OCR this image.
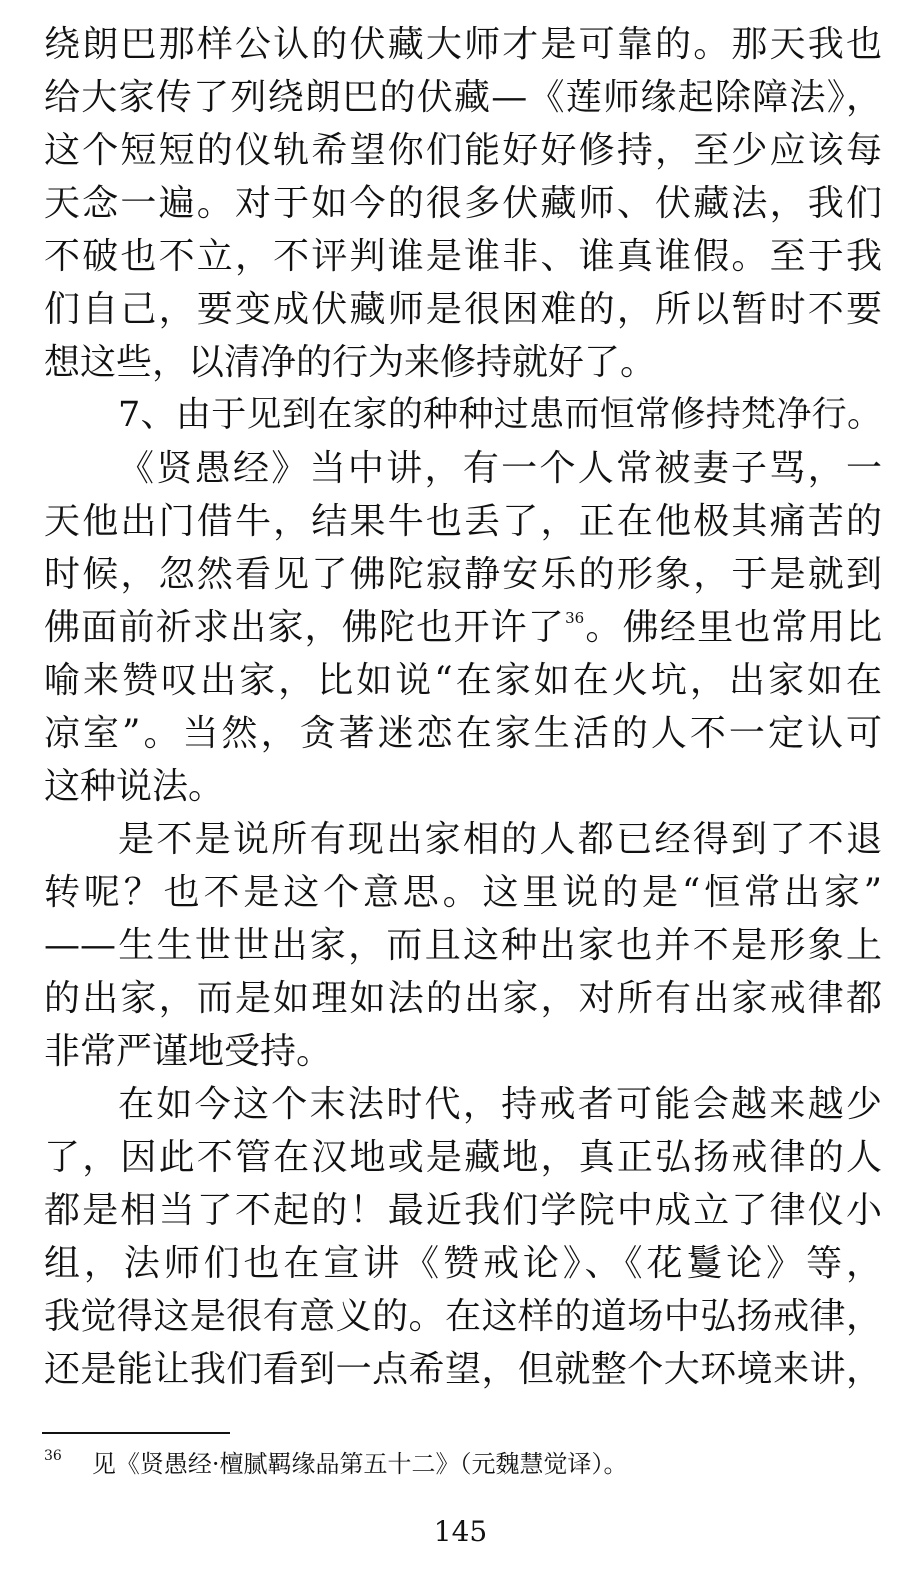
绕朗巴那样公认的伏藏大师才是可靠的。那天我也
给大家传了列绕朗巴的伏藏—《莲师缘起除障法》，
这个短短的仪轨希望你们能好好修持，至少应该每
天念一遍。对于如今的很多伏藏师、伏藏法，我们
不破也不立，不评判谁是谁非、谁真谁假。至于我
们自己，要变成伏藏师是很困难的，所以暂时不要
想这些，以清净的行为来修持就好了。
7、由于见到在家的种种过患而恒常修持梵净行。
《贤愚经》当中讲，有一个人常被妻子骂，一
天他出门借牛，结果牛也丢了，正在他极其痛苦的
时候，忽然看见了佛陀寂静安乐的形象，于是就到
佛面前祈求出家，佛陀也开许了$^{36}$。佛经里也常用比
喻来赞叹出家，比如说“在家如在火坑，出家如在
凉室”。当然，贪著迷恋在家生活的人不一定认可
这种说法。
是不是说所有现出家相的人都已经得到了不退
转呢？也不是这个意思。这里说的是“恒常出家”
——生生世世出家，而且这种出家也并不是形象上
的出家，而是如理如法的出家，对所有出家戒律都
非常严谨地受持。
在如今这个末法时代，持戒者可能会越来越少
了，因此不管在汉地或是藏地，真正弘扬戒律的人
都是相当了不起的！最近我们学院中成立了律仪小
组，法师们也在宣讲《赞戒论》、《花鬘论》等，
我觉得这是很有意义的。在这样的道场中弘扬戒律，
还是能让我们看到一点希望，但就整个大环境来讲，
$^{36}$ 见《贤愚经·檀腻羁缘品第五十二》（元魏慧觉译）。
145
